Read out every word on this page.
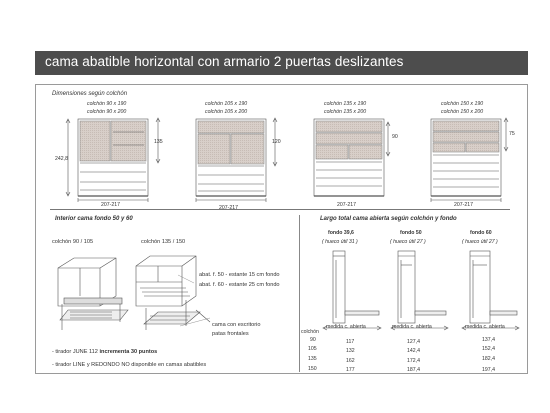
cama abatible horizontal con armario 2 puertas deslizantes
Dimensiones según colchón
colchón 90 x 190
colchón 90 x 200
colchón 105 x 190
colchón 105 x 200
colchón 135 x 190
colchón 135 x 200
colchón 150 x 190
colchón 150 x 200
242,8
135	120
90	75
207-217	207-217	207-217	207-217
Interior cama fondo 50 y 60
colchón 90 / 105	colchón 135 / 150
abat. f. 50 - estante 15 cm fondo
abat. f. 60 - estante 25 cm fondo
cama con escritorio
patas frontales
- tirador JUNE 112 incrementa 30 puntos
- tirador LINE y REDONDO NO disponible en camas abatibles
Largo total cama abierta según colchón y fondo
fondo 39,6
( hueco útil 31 )
fondo 50
( hueco útil 27 )
fondo 60
( hueco útil 27 )
medida c. abierta	medida c. abierta	medida c. abierta
colchón
90	117	127,4	137,4
105	132	142,4	152,4
135	162	172,4	182,4
150	177	187,4	197,4
